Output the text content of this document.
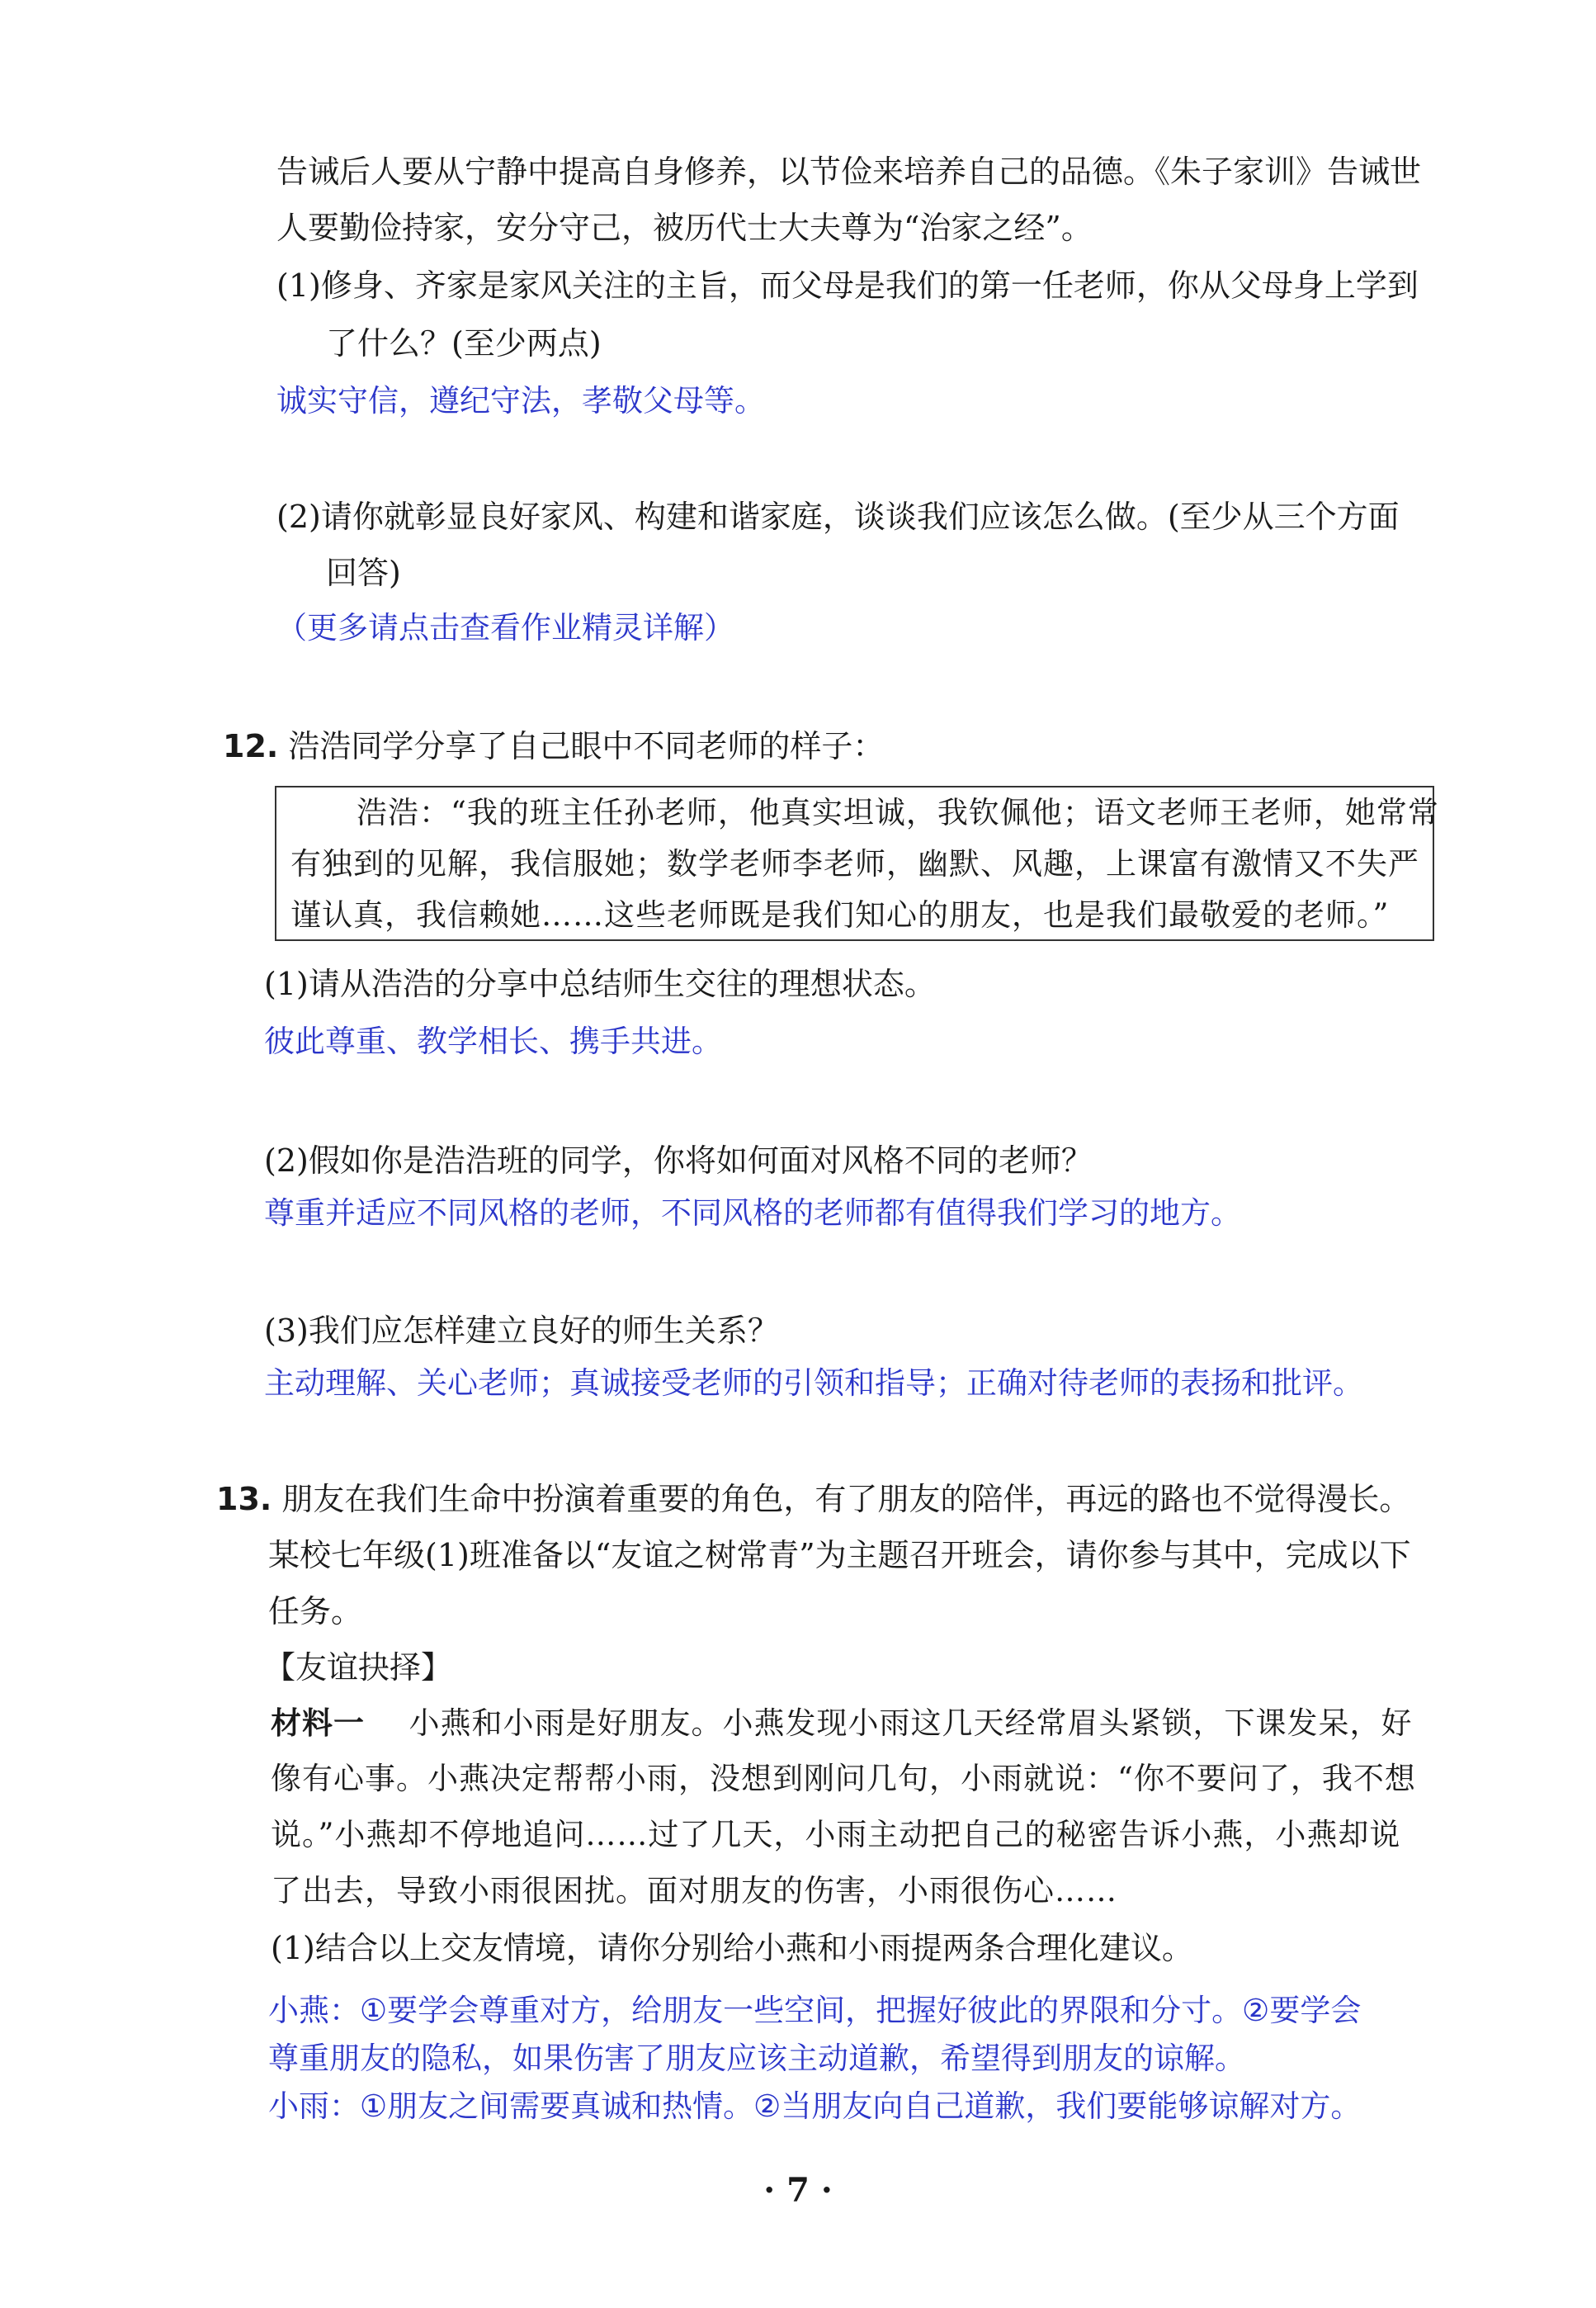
告诫后人要从宁静中提高自身修养，以节俭来培养自己的品德。《朱子家训》告诫世
人要勤俭持家，安分守己，被历代士大夫尊为“治家之经”。
(1)修身、齐家是家风关注的主旨，而父母是我们的第一任老师，你从父母身上学到
了什么？(至少两点)
诚实守信，遵纪守法，孝敬父母等。
(2)请你就彰显良好家风、构建和谐家庭，谈谈我们应该怎么做。(至少从三个方面
回答)
（更多请点击查看作业精灵详解）
12. 浩浩同学分享了自己眼中不同老师的样子：
浩浩：“我的班主任孙老师，他真实坦诚，我钦佩他；语文老师王老师，她常常
有独到的见解，我信服她；数学老师李老师，幽默、风趣，上课富有激情又不失严
谨认真，我信赖她……这些老师既是我们知心的朋友，也是我们最敬爱的老师。”
(1)请从浩浩的分享中总结师生交往的理想状态。
彼此尊重、教学相长、携手共进。
(2)假如你是浩浩班的同学，你将如何面对风格不同的老师？
尊重并适应不同风格的老师，不同风格的老师都有值得我们学习的地方。
(3)我们应怎样建立良好的师生关系？
主动理解、关心老师；真诚接受老师的引领和指导；正确对待老师的表扬和批评。
13. 朋友在我们生命中扮演着重要的角色，有了朋友的陪伴，再远的路也不觉得漫长。
某校七年级(1)班准备以“友谊之树常青”为主题召开班会，请你参与其中，完成以下
任务。
【友谊抉择】
材料一 小燕和小雨是好朋友。小燕发现小雨这几天经常眉头紧锁，下课发呆，好
像有心事。小燕决定帮帮小雨，没想到刚问几句，小雨就说：“你不要问了，我不想
说。”小燕却不停地追问……过了几天，小雨主动把自己的秘密告诉小燕，小燕却说
了出去，导致小雨很困扰。面对朋友的伤害，小雨很伤心……
(1)结合以上交友情境，请你分别给小燕和小雨提两条合理化建议。
小燕：①要学会尊重对方，给朋友一些空间，把握好彼此的界限和分寸。②要学会
尊重朋友的隐私，如果伤害了朋友应该主动道歉，希望得到朋友的谅解。
小雨：①朋友之间需要真诚和热情。②当朋友向自己道歉，我们要能够谅解对方。
· 7 ·
